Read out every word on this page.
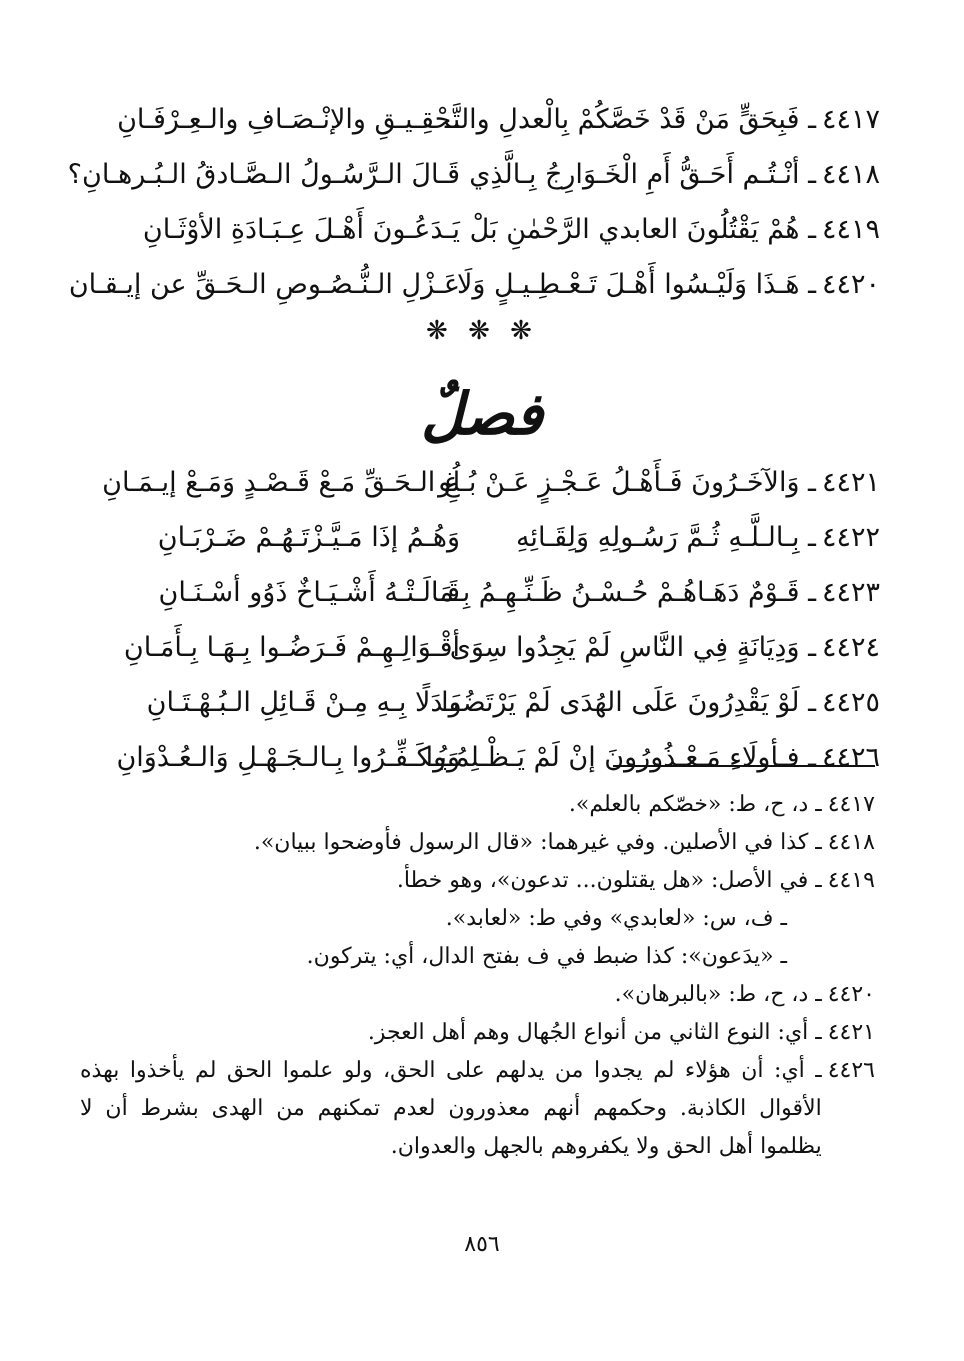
٤٤١٧ـ فَبِحَقٍّ مَنْ قَدْ خَصَّكُمْ بِالْعدلِ والتَّـ
ـحْقِـيـقِ والإنْـصَـافِ والـعِـرْفَـانِ
٤٤١٨ـ أنْـتُـم أَحَـقُّ أَمِ الْخَـوَارِجُ بِـالَّذِي
قَـالَ الـرَّسُـولُ الـصَّـادقُ الـبُـرهـانِ؟
٤٤١٩ـ هُمْ يَقْتُلُونَ العابدي الرَّحْمٰنِ بَلْ
يَـدَعُـونَ أَهْـلَ عِـبَـادَةِ الأوْثَـانِ
٤٤٢٠ـ هَـذَا وَلَيْـسُوا أَهْـلَ تَـعْـطِـيـلٍ وَلَا
عَـزْلِ الـنُّـصُـوصِ الـحَـقِّ عن إيـقـان
❋ ❋ ❋
فصلٌ
٤٤٢١ـ وَالآخَـرُونَ فَـأَهْـلُ عَـجْـزٍ عَـنْ بُـلُو
غِ الـحَـقِّ مَـعْ قَـصْـدٍ وَمَـعْ إيـمَـانِ
٤٤٢٢ـ بِـالـلَّـهِ ثُـمَّ رَسُـولِهِ وَلِقَـائِهِ
وَهُـمُ إذَا مَـيَّـزْتَـهُـمْ ضَـرْبَـانِ
٤٤٢٣ـ قَـوْمٌ دَهَـاهُـمْ حُـسْـنُ ظَـنِّـهِـمُ بِـمَا
قَـالَـتْـهُ أَشْـيَـاخٌ ذَوُو أسْـنَـانِ
٤٤٢٤ـ وَدِيَانَةٍ فِي النَّاسِ لَمْ يَجِدُوا سِوَى
أقْـوَالِـهِـمْ فَـرَضُـوا بِـهَـا بِـأَمَـانِ
٤٤٢٥ـ لَوْ يَقْدِرُونَ عَلَى الهُدَى لَمْ يَرْتَضُوا
بَـدَلًا بِـهِ مِـنْ قَـائِلِ الـبُـهْـتَـانِ
٤٤٢٦ـ فـأولَاءِ مَـعْـذُورُونَ إنْ لَمْ يَـظْـلِمُـوا
وَيُـكَـفِّـرُوا بِـالـجَـهْـلِ وَالـعُـدْوَانِ
٤٤١٧
ـ د، ح، ط: «خصّكم بالعلم».
٤٤١٨
ـ كذا في الأصلين. وفي غيرهما: «قال الرسول فأوضحوا ببيان».
٤٤١٩
ـ في الأصل: «هل يقتلون... تدعون»، وهو خطأ.
ـ ف، س: «لعابدي» وفي ط: «لعابد».
ـ «يدَعون»: كذا ضبط في ف بفتح الدال، أي: يتركون.
٤٤٢٠
ـ د، ح، ط: «بالبرهان».
٤٤٢١
ـ أي: النوع الثاني من أنواع الجُهال وهم أهل العجز.
٤٤٢٦
ـ أي: أن هؤلاء لم يجدوا من يدلهم على الحق، ولو علموا الحق لم يأخذوا بهذه الأقوال الكاذبة. وحكمهم أنهم معذورون لعدم تمكنهم من الهدى بشرط أن لا يظلموا أهل الحق ولا يكفروهم بالجهل والعدوان.
٨٥٦
